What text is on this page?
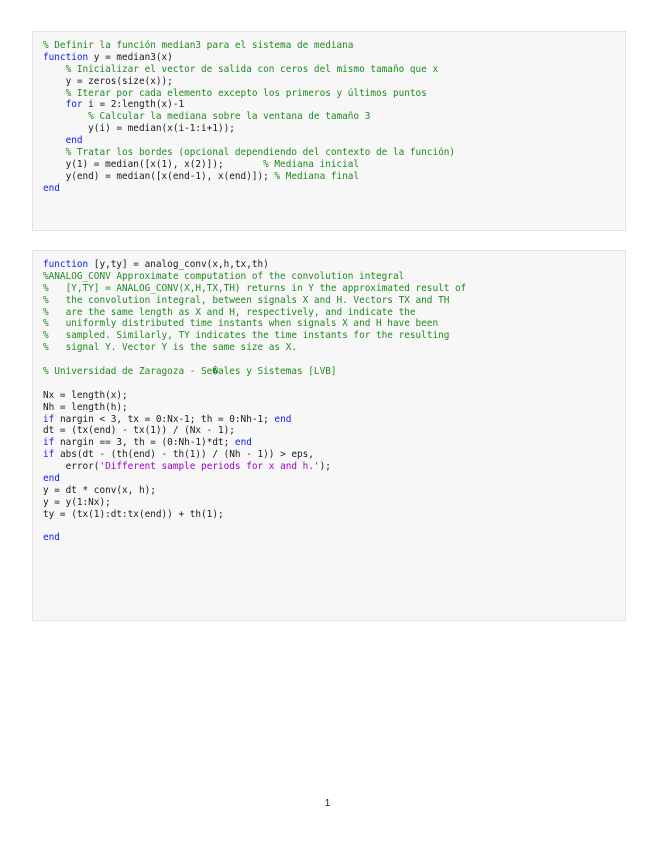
% Definir la función median3 para el sistema de mediana
function y = median3(x)
% Inicializar el vector de salida con ceros del mismo tamaño que x
y = zeros(size(x));
% Iterar por cada elemento excepto los primeros y últimos puntos
for i = 2:length(x)-1
% Calcular la mediana sobre la ventana de tamaño 3
y(i) = median(x(i-1:i+1));
end
% Tratar los bordes (opcional dependiendo del contexto de la función)
y(1) = median([x(1), x(2)]);       % Mediana inicial
y(end) = median([x(end-1), x(end)]); % Mediana final
end
function [y,ty] = analog_conv(x,h,tx,th)
%ANALOG_CONV Approximate computation of the convolution integral
%   [Y,TY] = ANALOG_CONV(X,H,TX,TH) returns in Y the approximated result of
%   the convolution integral, between signals X and H. Vectors TX and TH
%   are the same length as X and H, respectively, and indicate the
%   uniformly distributed time instants when signals X and H have been
%   sampled. Similarly, TY indicates the time instants for the resulting
%   signal Y. Vector Y is the same size as X.
% Universidad de Zaragoza - Se�ales y Sistemas [LVB]
Nx = length(x);
Nh = length(h);
if nargin < 3, tx = 0:Nx-1; th = 0:Nh-1; end
dt = (tx(end) - tx(1)) / (Nx - 1);
if nargin == 3, th = (0:Nh-1)*dt; end
if abs(dt - (th(end) - th(1)) / (Nh - 1)) > eps,
error('Different sample periods for x and h.');
end
y = dt * conv(x, h);
y = y(1:Nx);
ty = (tx(1):dt:tx(end)) + th(1);
end
1
